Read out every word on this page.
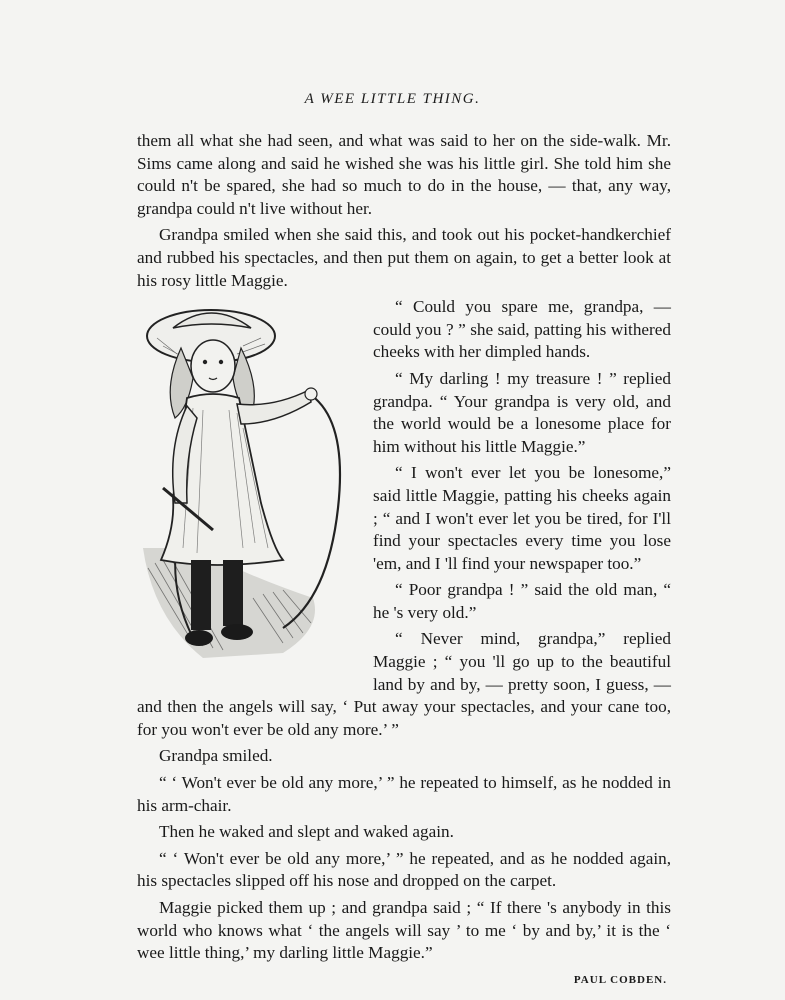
A WEE LITTLE THING.

them all what she had seen, and what was said to her on the side-walk. Mr. Sims came along and said he wished she was his little girl. She told him she could n't be spared, she had so much to do in the house, — that, any way, grandpa could n't live without her.

Grandpa smiled when she said this, and took out his pocket-handkerchief and rubbed his spectacles, and then put them on again, to get a better look at his rosy little Maggie.

“ Could you spare me, grandpa, — could you ? ” she said, patting his withered cheeks with her dimpled hands.

“ My darling ! my treasure ! ” replied grandpa. “ Your grandpa is very old, and the world would be a lonesome place for him without his little Maggie.”

“ I won't ever let you be lonesome,” said little Maggie, patting his cheeks again ; “ and I won't ever let you be tired, for I'll find your spectacles every time you lose 'em, and I 'll find your newspaper too.”

“ Poor grandpa ! ” said the old man, “ he 's very old.”

“ Never mind, grandpa,” replied Maggie ; “ you 'll go up to the beautiful land by and by, — pretty soon, I guess, — and then the angels will say, ‘ Put away your spectacles, and your cane too, for you won't ever be old any more.’ ”

Grandpa smiled.

“ ‘ Won't ever be old any more,’ ” he repeated to himself, as he nodded in his arm-chair.

Then he waked and slept and waked again.

“ ‘ Won't ever be old any more,’ ” he repeated, and as he nodded again, his spectacles slipped off his nose and dropped on the carpet.

Maggie picked them up ; and grandpa said ; “ If there 's anybody in this world who knows what ‘ the angels will say ’ to me ‘ by and by,’ it is the ‘ wee little thing,’ my darling little Maggie.”

PAUL COBDEN.
